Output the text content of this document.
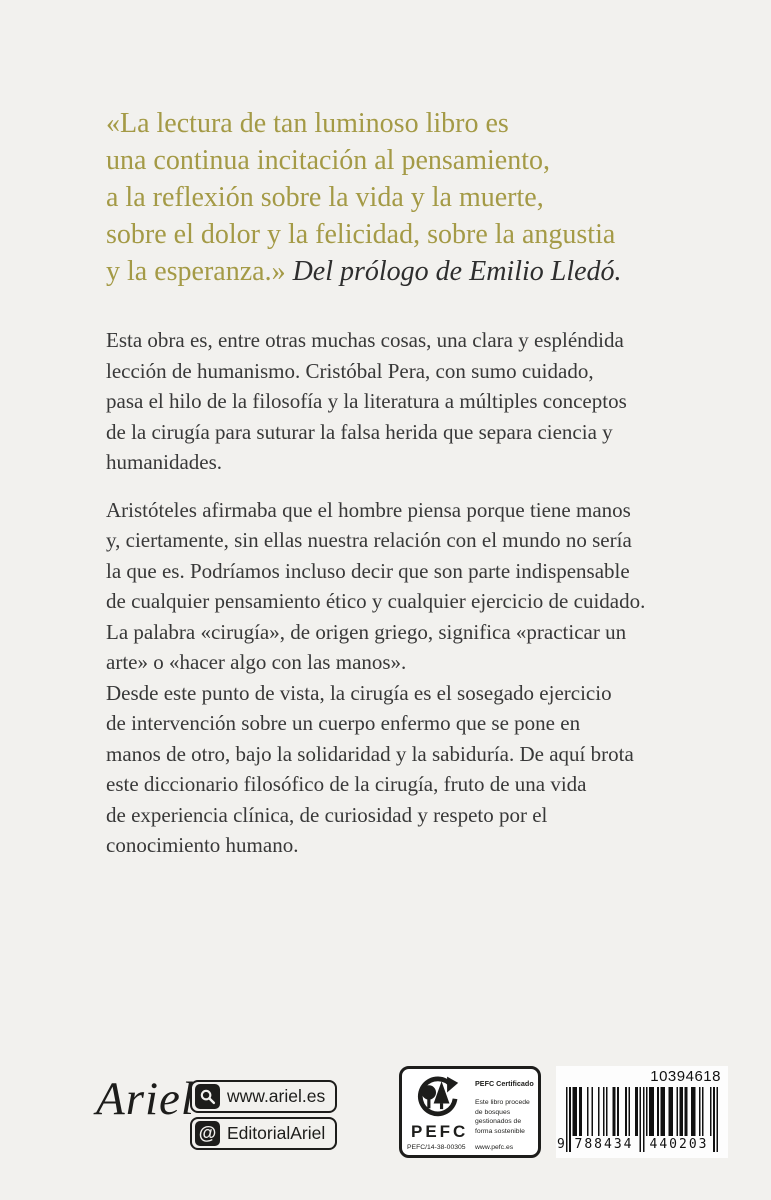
«La lectura de tan luminoso libro es
una continua incitación al pensamiento,
a la reflexión sobre la vida y la muerte,
sobre el dolor y la felicidad, sobre la angustia
y la esperanza.» Del prólogo de Emilio Lledó.
Esta obra es, entre otras muchas cosas, una clara y espléndida
lección de humanismo. Cristóbal Pera, con sumo cuidado,
pasa el hilo de la filosofía y la literatura a múltiples conceptos
de la cirugía para suturar la falsa herida que separa ciencia y
humanidades.
Aristóteles afirmaba que el hombre piensa porque tiene manos
y, ciertamente, sin ellas nuestra relación con el mundo no sería
la que es. Podríamos incluso decir que son parte indispensable
de cualquier pensamiento ético y cualquier ejercicio de cuidado.
La palabra «cirugía», de origen griego, significa «practicar un
arte» o «hacer algo con las manos».
Desde este punto de vista, la cirugía es el sosegado ejercicio
de intervención sobre un cuerpo enfermo que se pone en
manos de otro, bajo la solidaridad y la sabiduría. De aquí brota
este diccionario filosófico de la cirugía, fruto de una vida
de experiencia clínica, de curiosidad y respeto por el
conocimiento humano.
Ariel www.ariel.es
@ EditorialAriel	PEFC
PEFC/14-38-00305
PEFC Certificado
Este libro procede de bosques gestionados de forma sostenible
www.pefc.es
10394618
9 788434 440203
